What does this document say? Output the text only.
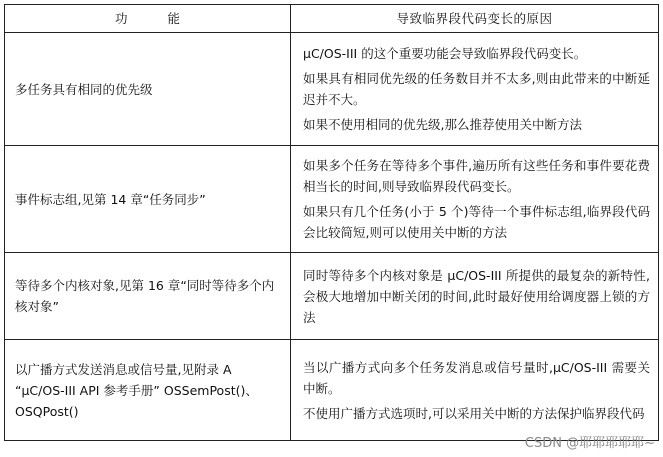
功 能	导致临界段代码变长的原因
多任务具有相同的优先级	μC/OS‐III 的这个重要功能会导致临界段代码变长。
如果具有相同优先级的任务数目并不太多,则由此带来的中断延迟并不大。
如果不使用相同的优先级,那么推荐使用关中断方法

事件标志组,见第 14 章“任务同步”	如果多个任务在等待多个事件,遍历所有这些任务和事件要花费相当长的时间,则导致临界段代码变长。
如果只有几个任务(小于 5 个)等待一个事件标志组,临界段代码会比较简短,则可以使用关中断的方法

等待多个内核对象,见第 16 章“同时等待多个内核对象”	同时等待多个内核对象是 μC/OS‐III 所提供的最复杂的新特性,会极大地增加中断关闭的时间,此时最好使用给调度器上锁的方法

以广播方式发送消息或信号量,见附录 A “μC/OS‐III API 参考手册” OSSemPost()、OSQPost()	当以广播方式向多个任务发消息或信号量时,μC/OS‐III 需要关中断。
不使用广播方式选项时,可以采用关中断的方法保护临界段代码
CSDN @耶耶耶耶耶~
